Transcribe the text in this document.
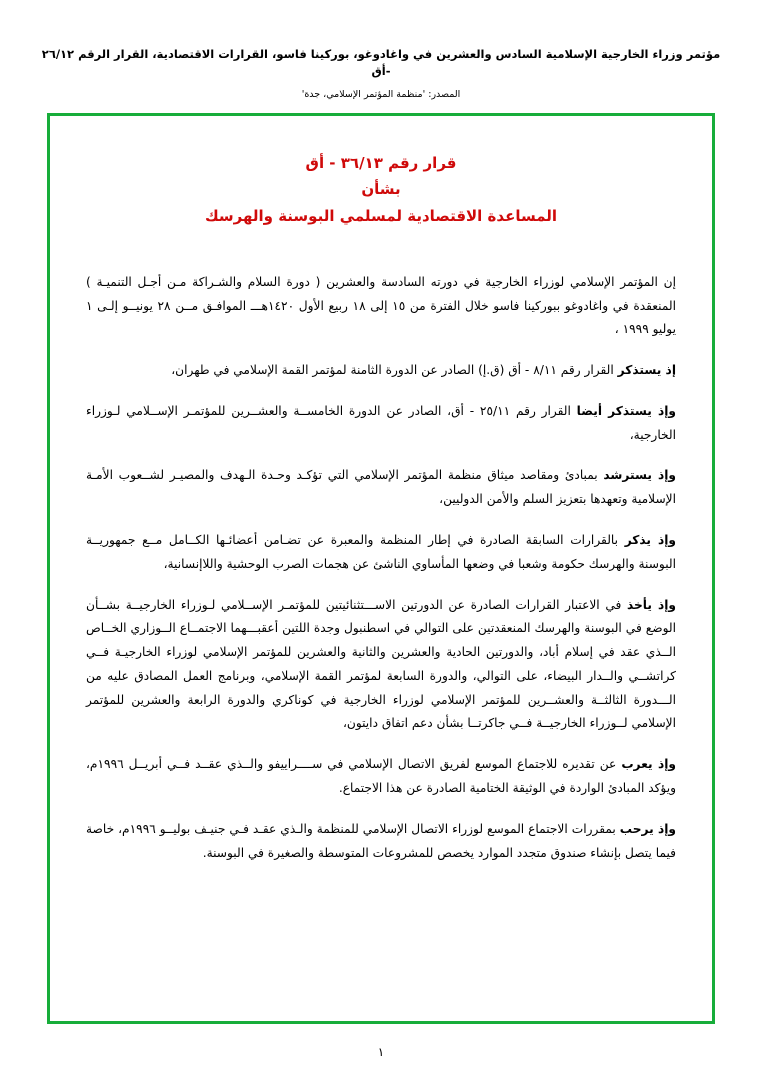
مؤتمر وزراء الخارجية الإسلامية السادس والعشرين في واغادوغو، بوركينا فاسو، القرارات الاقتصادية، القرار الرقم ٢٦/١٢ -أق
المصدر: 'منظمة المؤتمر الإسلامي، جدة'
قرار رقم ٣٦/١٣ - أق
بشأن
المساعدة الاقتصادية لمسلمي البوسنة والهرسك

إن المؤتمر الإسلامي لوزراء الخارجية في دورته السادسة والعشرين ( دورة السلام والشـراكة مـن أجـل التنميـة ) المنعقدة في واغادوغو ببوركينا فاسو خلال الفترة من ١٥ إلى ١٨ ربيع الأول ١٤٢٠هـــ الموافـق مــن ٢٨ يونيــو إلـى ١ يوليو ١٩٩٩ ،

إذ يستذكر القرار رقم ٨/١١ - أق (ق.إ) الصادر عن الدورة الثامنة لمؤتمر القمة الإسلامي في طهران،

وإذ يستذكر أيضا القرار رقم ٢٥/١١ - أق، الصادر عن الدورة الخامســة والعشــرين للمؤتمـر الإســلامي لـوزراء الخارجية،

وإذ يسترشد بمبادئ ومقاصد ميثاق منظمة المؤتمر الإسلامي التي تؤكـد وحـدة الـهدف والمصيـر لشــعوب الأمـة الإسلامية وتعهدها بتعزيز السلم والأمن الدوليين،

وإذ يذكر بالقرارات السابقة الصادرة في إطار المنظمة والمعبرة عن تضـامن أعضائـها الكــامل مــع جمهوريــة البوسنة والهرسك حكومة وشعبا في وضعها المأساوي الناشئ عن هجمات الصرب الوحشية واللاإنسانية،

وإذ يأخذ في الاعتبار القرارات الصادرة عن الدورتين الاســـتثنائيتين للمؤتمـر الإســلامي لـوزراء الخارجيــة بشــأن الوضع في البوسنة والهرسك المنعقدتين على التوالي في اسطنبول وجدة اللتين أعقبـــهما الاجتمــاع الــوزاري الخــاص الــذي عقد في إسلام أباد، والدورتين الحادية والعشرين والثانية والعشرين للمؤتمر الإسلامي لوزراء الخارجيـة فــي كراتشــي والــدار البيضاء، على التوالي، والدورة السابعة لمؤتمر القمة الإسلامي، وبرنامج العمل المصادق عليه من الـــدورة الثالثــة والعشــرين للمؤتمر الإسلامي لوزراء الخارجية في كوناكري والدورة الرابعة والعشرين للمؤتمر الإسلامي لــوزراء الخارجيــة فــي جاكرتــا بشأن دعم اتفاق دايتون،

وإذ يعرب عن تقديره للاجتماع الموسع لفريق الاتصال الإسلامي في ســــراييفو والــذي عقــد فــي أبريــل ١٩٩٦م، ويؤكد المبادئ الواردة في الوثيقة الختامية الصادرة عن هذا الاجتماع.

وإذ يرحب بمقررات الاجتماع الموسع لوزراء الاتصال الإسلامي للمنظمة والـذي عقـد فـي جنيـف بوليــو ١٩٩٦م، خاصة فيما يتصل بإنشاء صندوق متجدد الموارد يخصص للمشروعات المتوسطة والصغيرة في البوسنة.

١
